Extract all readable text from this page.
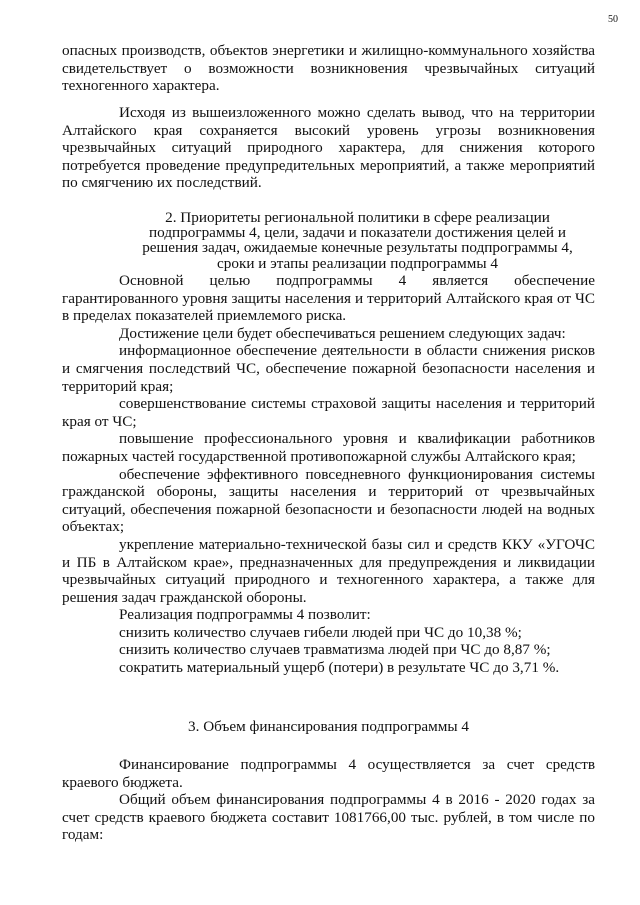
50

опасных производств, объектов энергетики и жилищно-коммунального хозяйства свидетельствует о возможности возникновения чрезвычайных ситуаций техногенного характера.

Исходя из вышеизложенного можно сделать вывод, что на территории Алтайского края сохраняется высокий уровень угрозы возникновения чрезвычайных ситуаций природного характера, для снижения которого потребуется проведение предупредительных мероприятий, а также мероприятий по смягчению их последствий.

2. Приоритеты региональной политики в сфере реализации подпрограммы 4, цели, задачи и показатели достижения целей и решения задач, ожидаемые конечные результаты подпрограммы 4, сроки и этапы реализации подпрограммы 4

Основной целью подпрограммы 4 является обеспечение гарантированного уровня защиты населения и территорий Алтайского края от ЧС в пределах показателей приемлемого риска.

Достижение цели будет обеспечиваться решением следующих задач:

информационное обеспечение деятельности в области снижения рисков и смягчения последствий ЧС, обеспечение пожарной безопасности населения и территорий края;

совершенствование системы страховой защиты населения и территорий края от ЧС;

повышение профессионального уровня и квалификации работников пожарных частей государственной противопожарной службы Алтайского края;

обеспечение эффективного повседневного функционирования системы гражданской обороны, защиты населения и территорий от чрезвычайных ситуаций, обеспечения пожарной безопасности и безопасности людей на водных объектах;

укрепление материально-технической базы сил и средств ККУ «УГОЧС и ПБ в Алтайском крае», предназначенных для предупреждения и ликвидации чрезвычайных ситуаций природного и техногенного характера, а также для решения задач гражданской обороны.

Реализация подпрограммы 4 позволит:

снизить количество случаев гибели людей при ЧС до 10,38 %;

снизить количество случаев травматизма людей при ЧС до 8,87 %;

сократить материальный ущерб (потери) в результате ЧС до 3,71 %.

3. Объем финансирования подпрограммы 4

Финансирование подпрограммы 4 осуществляется за счет средств краевого бюджета.

Общий объем финансирования подпрограммы 4 в 2016 - 2020 годах за счет средств краевого бюджета составит 1081766,00 тыс. рублей, в том числе по годам:
